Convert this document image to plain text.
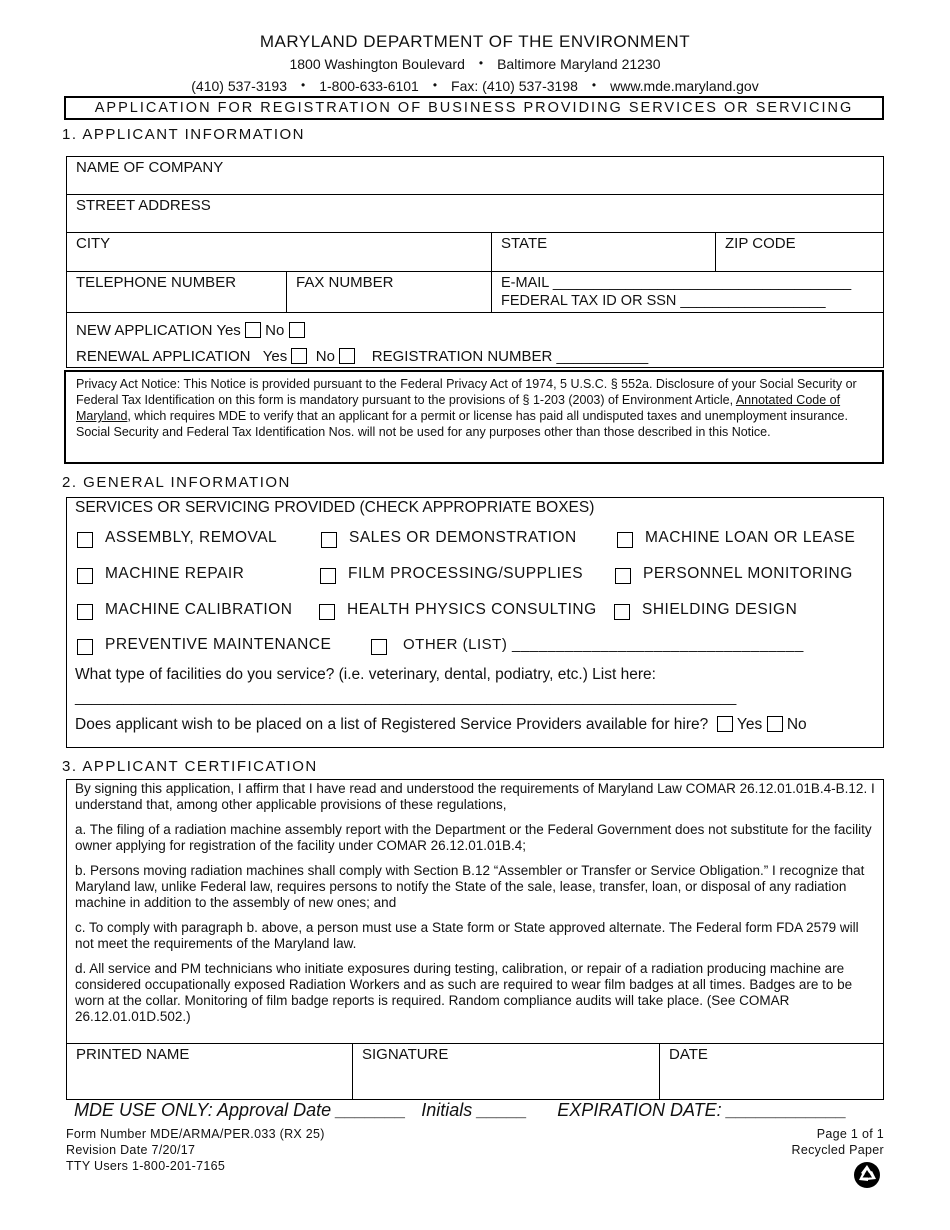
MARYLAND DEPARTMENT OF THE ENVIRONMENT
1800 Washington Boulevard • Baltimore Maryland 21230
(410) 537-3193 • 1-800-633-6101 • Fax: (410) 537-3198 • www.mde.maryland.gov
APPLICATION FOR REGISTRATION OF BUSINESS PROVIDING SERVICES OR SERVICING
1. APPLICANT INFORMATION
NAME OF COMPANY
STREET ADDRESS
CITY	STATE	ZIP CODE
TELEPHONE NUMBER	FAX NUMBER	E-MAIL _____________________________________
FEDERAL TAX ID OR SSN __________________
NEW APPLICATION Yes No
RENEWAL APPLICATION Yes No REGISTRATION NUMBER ___________
Privacy Act Notice: This Notice is provided pursuant to the Federal Privacy Act of 1974, 5 U.S.C. § 552a. Disclosure of your Social Security or Federal Tax Identification on this form is mandatory pursuant to the provisions of § 1-203 (2003) of Environment Article, Annotated Code of Maryland, which requires MDE to verify that an applicant for a permit or license has paid all undisputed taxes and unemployment insurance. Social Security and Federal Tax Identification Nos. will not be used for any purposes other than those described in this Notice.
2. GENERAL INFORMATION
SERVICES OR SERVICING PROVIDED (CHECK APPROPRIATE BOXES)
ASSEMBLY, REMOVAL	SALES OR DEMONSTRATION	MACHINE LOAN OR LEASE
MACHINE REPAIR	FILM PROCESSING/SUPPLIES	PERSONNEL MONITORING
MACHINE CALIBRATION	HEALTH PHYSICS CONSULTING	SHIELDING DESIGN
PREVENTIVE MAINTENANCE	OTHER (LIST) _________________________________
What type of facilities do you service? (i.e. veterinary, dental, podiatry, etc.) List here:
__________________________________________________________________________________
Does applicant wish to be placed on a list of Registered Service Providers available for hire? Yes No
3. APPLICANT CERTIFICATION

By signing this application, I affirm that I have read and understood the requirements of Maryland Law COMAR 26.12.01.01B.4-B.12. I understand that, among other applicable provisions of these regulations,

a. The filing of a radiation machine assembly report with the Department or the Federal Government does not substitute for the facility owner applying for registration of the facility under COMAR 26.12.01.01B.4;

b. Persons moving radiation machines shall comply with Section B.12 “Assembler or Transfer or Service Obligation.” I recognize that Maryland law, unlike Federal law, requires persons to notify the State of the sale, lease, transfer, loan, or disposal of any radiation machine in addition to the assembly of new ones; and

c. To comply with paragraph b. above, a person must use a State form or State approved alternate. The Federal form FDA 2579 will not meet the requirements of the Maryland law.

d. All service and PM technicians who initiate exposures during testing, calibration, or repair of a radiation producing machine are considered occupationally exposed Radiation Workers and as such are required to wear film badges at all times. Badges are to be worn at the collar. Monitoring of film badge reports is required. Random compliance audits will take place. (See COMAR 26.12.01.01D.502.)

PRINTED NAME	SIGNATURE	DATE
MDE USE ONLY: Approval Date _______ Initials _____ EXPIRATION DATE: ____________
Form Number MDE/ARMA/PER.033 (RX 25)
Revision Date 7/20/17
TTY Users 1-800-201-7165
Page 1 of 1
Recycled Paper
